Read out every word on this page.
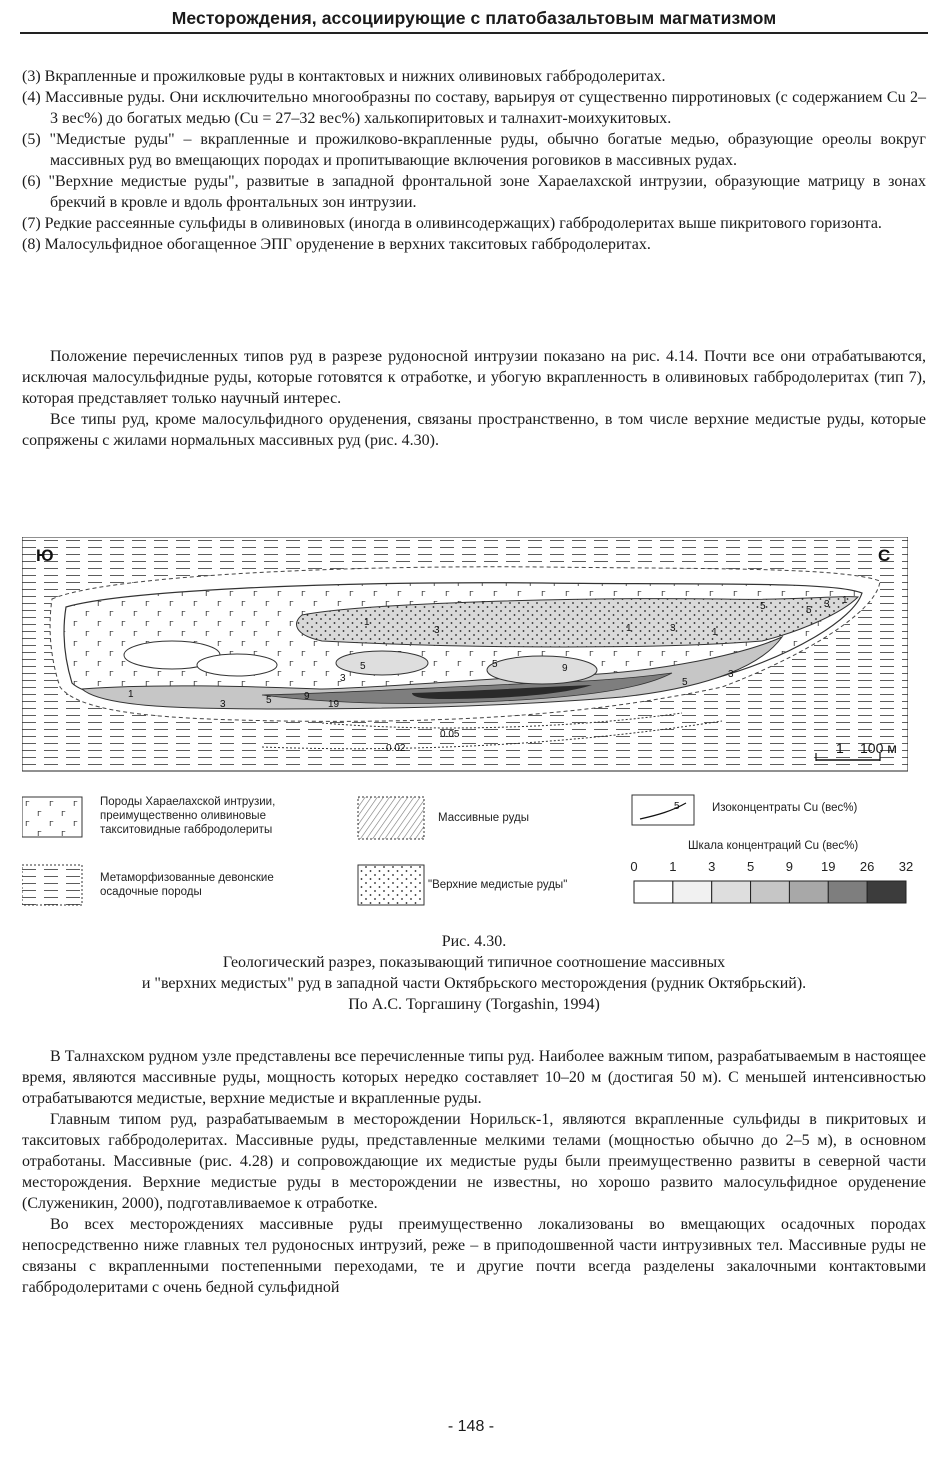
Месторождения, ассоциирующие с платобазальтовым магматизмом

(3) Вкрапленные и прожилковые руды в контактовых и нижних оливиновых габбродолеритах.

(4) Массивные руды. Они исключительно многообразны по составу, варьируя от существенно пирротиновых (с содержанием Cu 2–3 вес%) до богатых медью (Cu = 27–32 вес%) халькопиритовых и талнахит-моихукитовых.

(5) "Медистые руды" – вкрапленные и прожилково-вкрапленные руды, обычно богатые медью, образующие ореолы вокруг массивных руд во вмещающих породах и пропитывающие включения роговиков в массивных рудах.

(6) "Верхние медистые руды", развитые в западной фронтальной зоне Хараелахской интрузии, образующие матрицу в зонах брекчий в кровле и вдоль фронтальных зон интрузии.

(7) Редкие рассеянные сульфиды в оливиновых (иногда в оливинсодержащих) габбродолеритах выше пикритового горизонта.

(8) Малосульфидное обогащенное ЭПГ оруденение в верхних такситовых габбродолеритах.

Положение перечисленных типов руд в разрезе рудоносной интрузии показано на рис. 4.14. Почти все они отрабатываются, исключая малосульфидные руды, которые готовятся к отработке, и убогую вкрапленность в оливиновых габбродолеритах (тип 7), которая представляет только научный интерес.

Все типы руд, кроме малосульфидного оруденения, связаны пространственно, в том числе верхние медистые руды, которые сопряжены с жилами нормальных массивных руд (рис. 4.30).

Ю	С
1
3	5	9
19
5
3
1
3
5	9
1	3
5
1
3
5	5
3 1
0.02
0.05
1 100 м
5
Породы Хараелахской интрузии, преимущественно оливиновые такситовидные габбродолериты
Метаморфизованные девонские осадочные породы
Массивные руды
"Верхние медистые руды"
Изоконцентраты Cu (вес%)
Шкала концентраций Cu (вес%)
0	1	3	5	9	19	26	32
Рис. 4.30.
Геологический разрез, показывающий типичное соотношение массивных
и "верхних медистых" руд в западной части Октябрьского месторождения (рудник Октябрьский).
По А.С. Торгашину (Torgashin, 1994)

В Талнахском рудном узле представлены все перечисленные типы руд. Наиболее важным типом, разрабатываемым в настоящее время, являются массивные руды, мощность которых нередко составляет 10–20 м (достигая 50 м). С меньшей интенсивностью отрабатываются медистые, верхние медистые и вкрапленные руды.

Главным типом руд, разрабатываемым в месторождении Норильск-1, являются вкрапленные сульфиды в пикритовых и такситовых габбродолеритах. Массивные руды, представленные мелкими телами (мощностью обычно до 2–5 м), в основном отработаны. Массивные (рис. 4.28) и сопровождающие их медистые руды были преимущественно развиты в северной части месторождения. Верхние медистые руды в месторождении не известны, но хорошо развито малосульфидное оруденение (Служеникин, 2000), подготавливаемое к отработке.

Во всех месторождениях массивные руды преимущественно локализованы во вмещающих осадочных породах непосредственно ниже главных тел рудоносных интрузий, реже – в приподошвенной части интрузивных тел. Массивные руды не связаны с вкрапленными постепенными переходами, те и другие почти всегда разделены закалочными контактовыми габбродолеритами с очень бедной сульфидной

- 148 -
